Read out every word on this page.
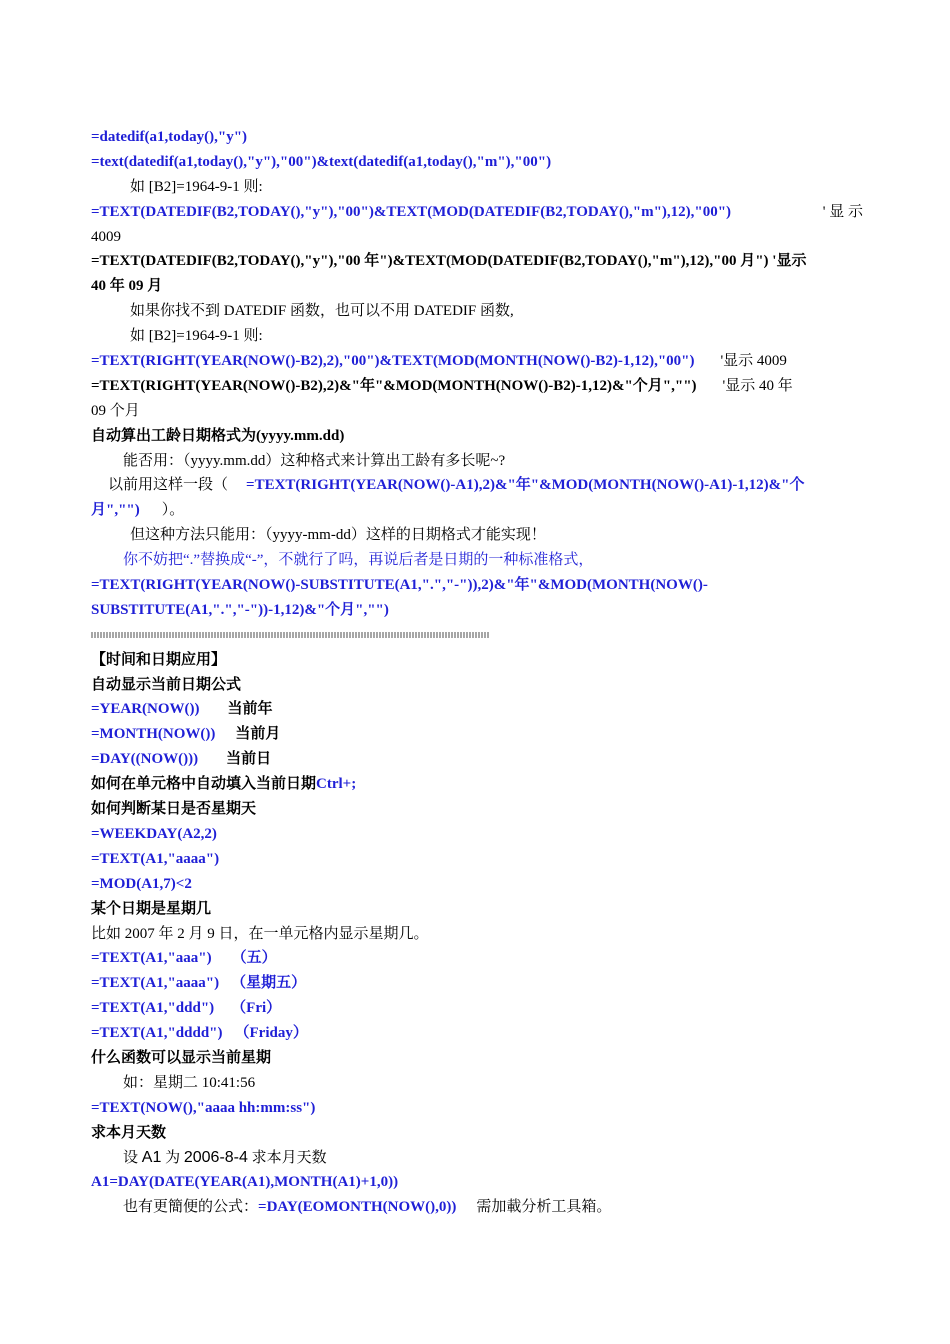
=datedif(a1,today(),"y")
=text(datedif(a1,today(),"y"),"00")&text(datedif(a1,today(),"m"),"00")
如 [B2]=1964-9-1 则:
=TEXT(DATEDIF(B2,TODAY(),"y"),"00")&TEXT(MOD(DATEDIF(B2,TODAY(),"m"),12),"00")	' 显 示
4009
=TEXT(DATEDIF(B2,TODAY(),"y"),"00 年")&TEXT(MOD(DATEDIF(B2,TODAY(),"m"),12),"00 月") '显示
40 年 09 月
如果你找不到 DATEDIF 函数，也可以不用 DATEDIF 函数,
如 [B2]=1964-9-1 则:
=TEXT(RIGHT(YEAR(NOW()-B2),2),"00")&TEXT(MOD(MONTH(NOW()-B2)-1,12),"00") '显示 4009
=TEXT(RIGHT(YEAR(NOW()-B2),2)&"年"&MOD(MONTH(NOW()-B2)-1,12)&"个月","") '显示 40 年
09 个月
自动算出工龄日期格式为(yyyy.mm.dd)
能否用：（yyyy.mm.dd）这种格式来计算出工龄有多长呢~?
以前用这样一段（ =TEXT(RIGHT(YEAR(NOW()-A1),2)&"年"&MOD(MONTH(NOW()-A1)-1,12)&"个
月","") ）。
但这种方法只能用：（yyyy-mm-dd）这样的日期格式才能实现！
你不妨把“.”替换成“-”，不就行了吗，再说后者是日期的一种标准格式，
=TEXT(RIGHT(YEAR(NOW()-SUBSTITUTE(A1,".","-")),2)&"年"&MOD(MONTH(NOW()-
SUBSTITUTE(A1,".","-"))-1,12)&"个月","")
【时间和日期应用】
自动显示当前日期公式
=YEAR(NOW()) 当前年
=MONTH(NOW()) 当前月
=DAY((NOW())) 当前日
如何在单元格中自动填入当前日期Ctrl+;
如何判断某日是否星期天
=WEEKDAY(A2,2)
=TEXT(A1,"aaaa")
=MOD(A1,7)<2
某个日期是星期几
比如 2007 年 2 月 9 日，在一单元格内显示星期几。
=TEXT(A1,"aaa") （五）
=TEXT(A1,"aaaa") （星期五）
=TEXT(A1,"ddd") （Fri）
=TEXT(A1,"dddd") （Friday）
什么函数可以显示当前星期
如：星期二 10:41:56
=TEXT(NOW(),"aaaa hh:mm:ss")
求本月天数
设 A1 为 2006-8-4 求本月天数
A1=DAY(DATE(YEAR(A1),MONTH(A1)+1,0))
也有更簡便的公式：=DAY(EOMONTH(NOW(),0)) 需加載分析工具箱。
